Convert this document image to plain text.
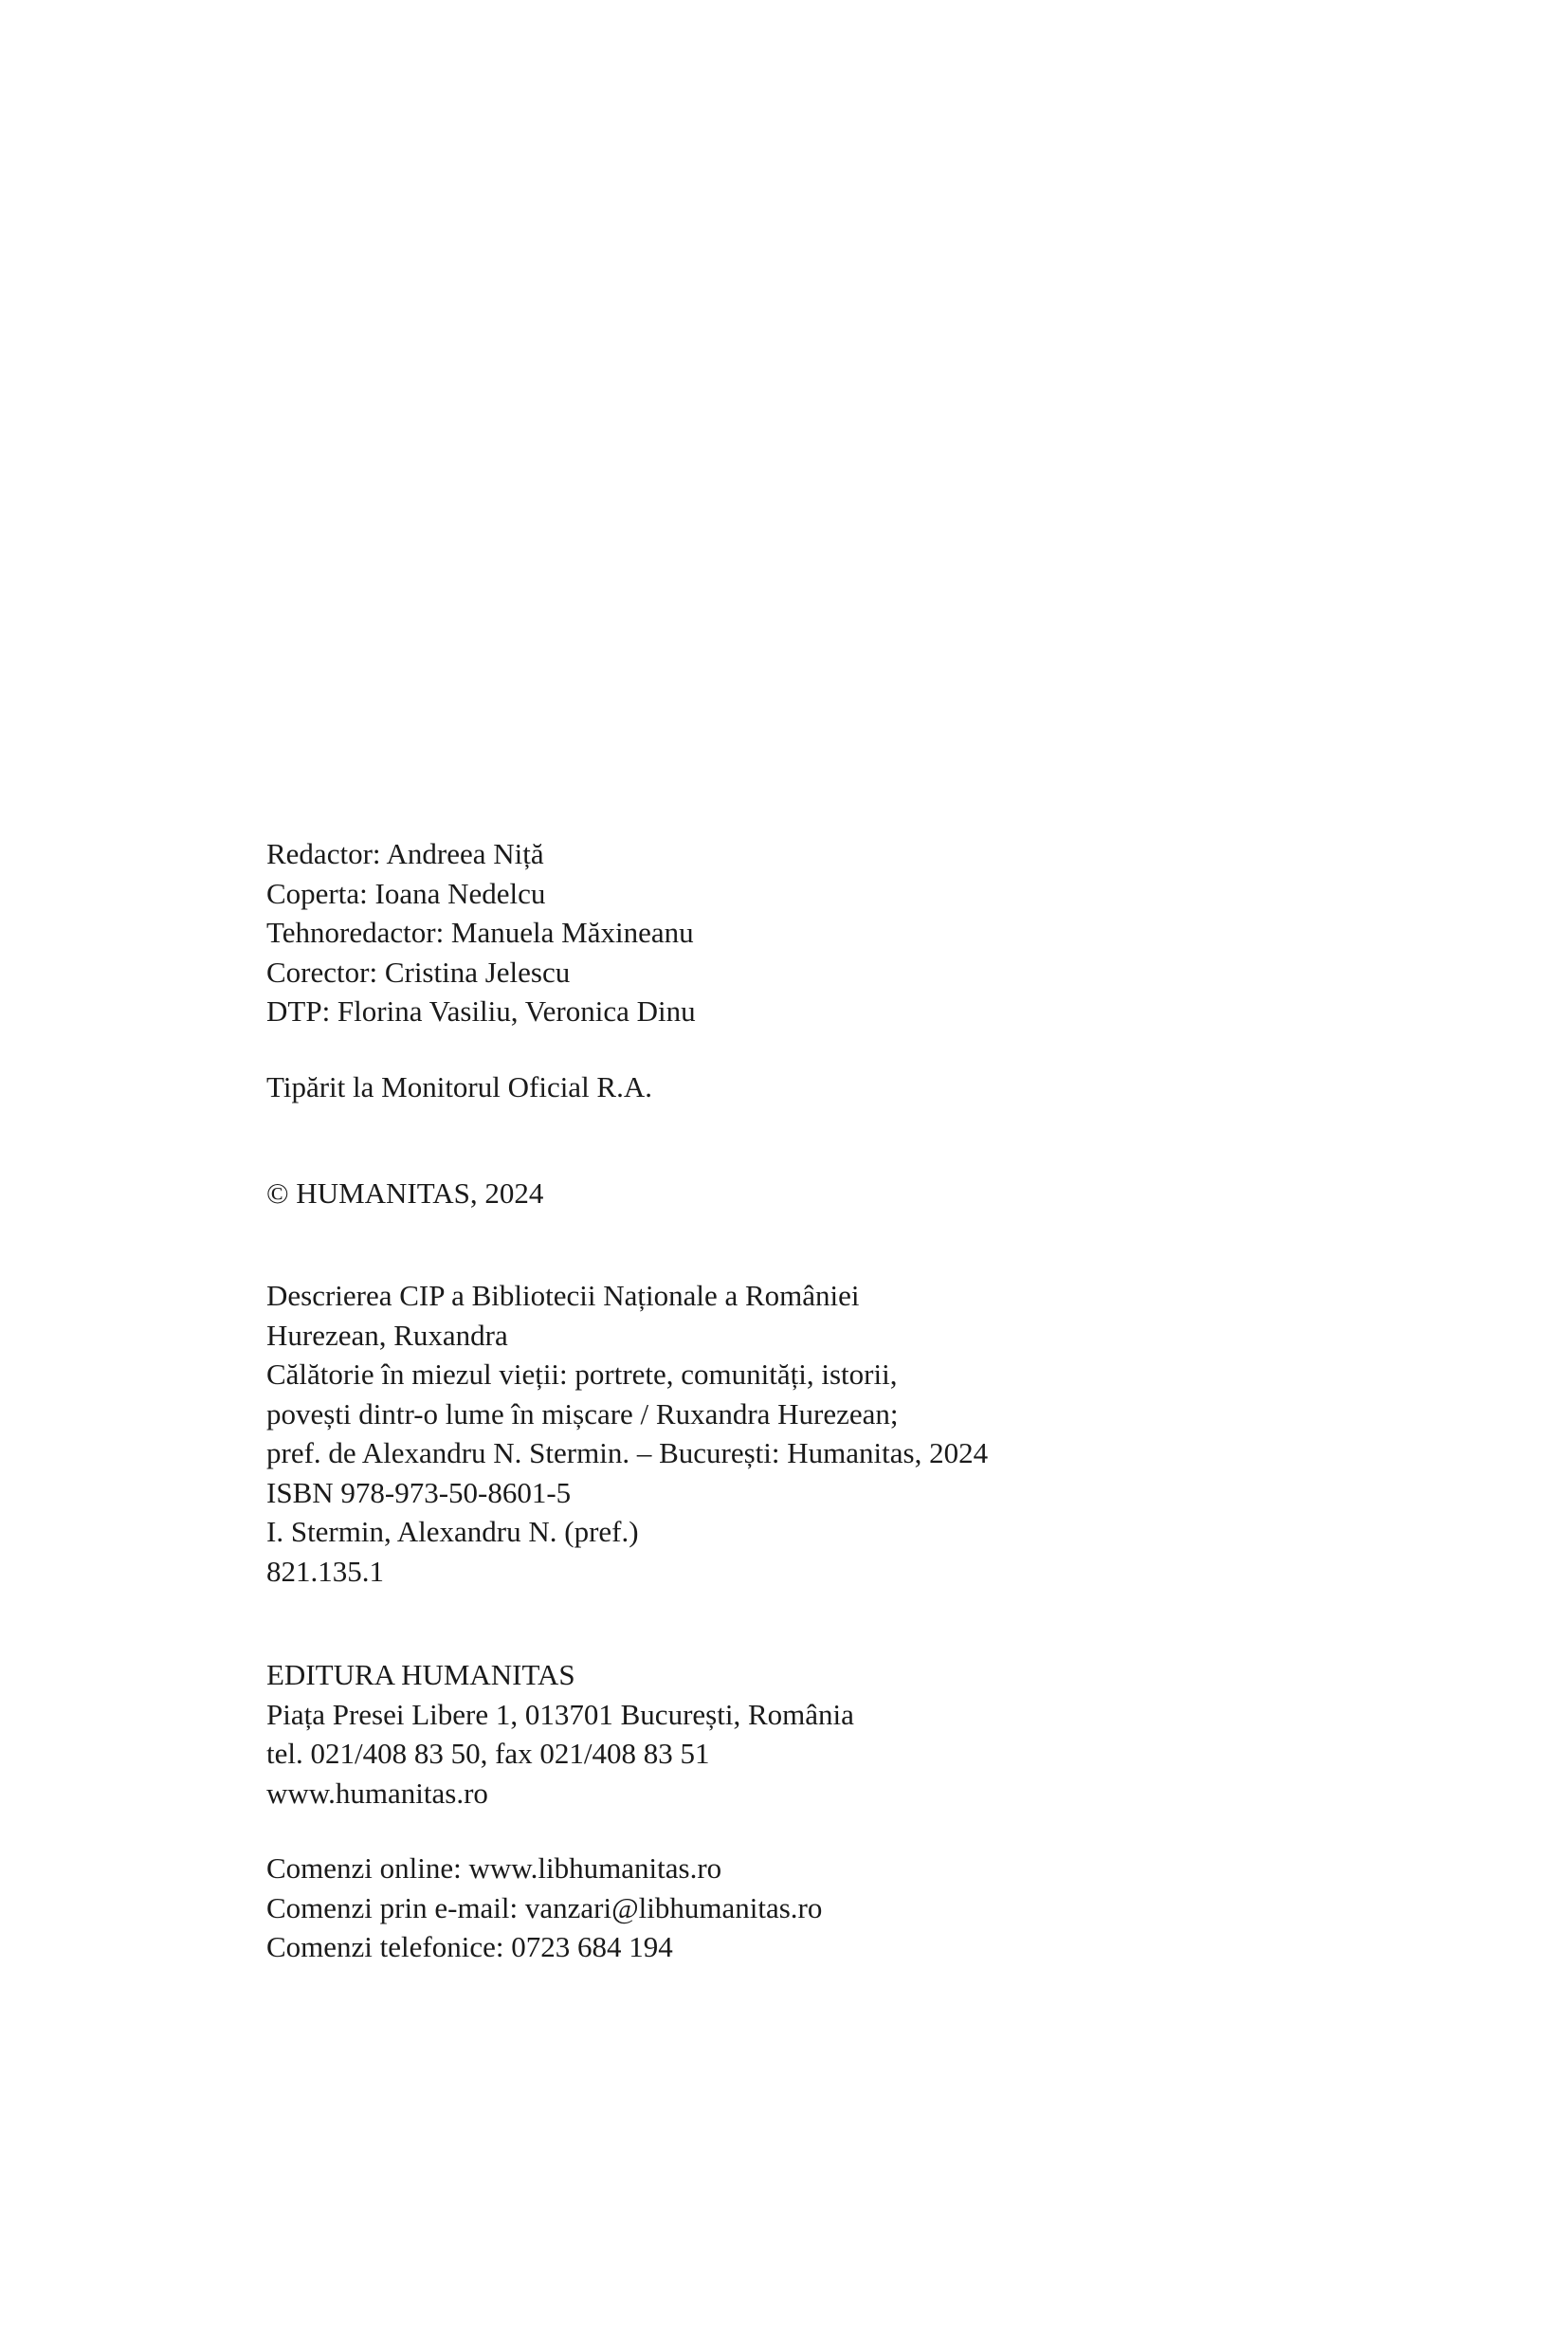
Redactor: Andreea Niță
Coperta: Ioana Nedelcu
Tehnoredactor: Manuela Măxineanu
Corector: Cristina Jelescu
DTP: Florina Vasiliu, Veronica Dinu
Tipărit la Monitorul Oficial R.A.
© HUMANITAS, 2024
Descrierea CIP a Bibliotecii Naționale a României
Hurezean, Ruxandra
Călătorie în miezul vieții: portrete, comunități, istorii,
povești dintr-o lume în mișcare / Ruxandra Hurezean;
pref. de Alexandru N. Stermin. – București: Humanitas, 2024
ISBN 978-973-50-8601-5
I. Stermin, Alexandru N. (pref.)
821.135.1
EDITURA HUMANITAS
Piața Presei Libere 1, 013701 București, România
tel. 021/408 83 50, fax 021/408 83 51
www.humanitas.ro
Comenzi online: www.libhumanitas.ro
Comenzi prin e-mail: vanzari@libhumanitas.ro
Comenzi telefonice: 0723 684 194
